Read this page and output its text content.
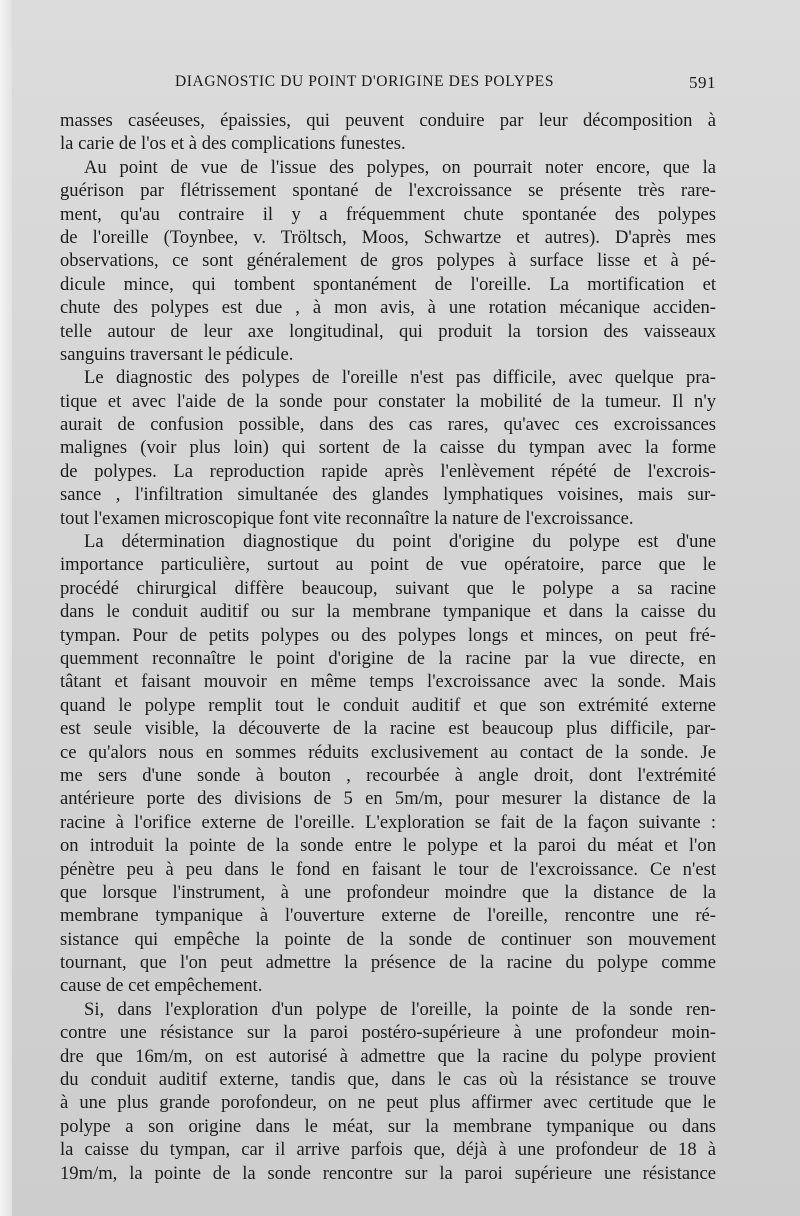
DIAGNOSTIC DU POINT D'ORIGINE DES POLYPES	591
masses caséeuses, épaissies, qui peuvent conduire par leur décomposition à
la carie de l'os et à des complications funestes.
Au point de vue de l'issue des polypes, on pourrait noter encore, que la
guérison par flétrissement spontané de l'excroissance se présente très rare-
ment, qu'au contraire il y a fréquemment chute spontanée des polypes
de l'oreille (Toynbee, v. Tröltsch, Moos, Schwartze et autres). D'après mes
observations, ce sont généralement de gros polypes à surface lisse et à pé-
dicule mince, qui tombent spontanément de l'oreille. La mortification et
chute des polypes est due , à mon avis, à une rotation mécanique acciden-
telle autour de leur axe longitudinal, qui produit la torsion des vaisseaux
sanguins traversant le pédicule.
Le diagnostic des polypes de l'oreille n'est pas difficile, avec quelque pra-
tique et avec l'aide de la sonde pour constater la mobilité de la tumeur. Il n'y
aurait de confusion possible, dans des cas rares, qu'avec ces excroissances
malignes (voir plus loin) qui sortent de la caisse du tympan avec la forme
de polypes. La reproduction rapide après l'enlèvement répété de l'excrois-
sance , l'infiltration simultanée des glandes lymphatiques voisines, mais sur-
tout l'examen microscopique font vite reconnaître la nature de l'excroissance.
La détermination diagnostique du point d'origine du polype est d'une
importance particulière, surtout au point de vue opératoire, parce que le
procédé chirurgical diffère beaucoup, suivant que le polype a sa racine
dans le conduit auditif ou sur la membrane tympanique et dans la caisse du
tympan. Pour de petits polypes ou des polypes longs et minces, on peut fré-
quemment reconnaître le point d'origine de la racine par la vue directe, en
tâtant et faisant mouvoir en même temps l'excroissance avec la sonde. Mais
quand le polype remplit tout le conduit auditif et que son extrémité externe
est seule visible, la découverte de la racine est beaucoup plus difficile, par-
ce qu'alors nous en sommes réduits exclusivement au contact de la sonde. Je
me sers d'une sonde à bouton , recourbée à angle droit, dont l'extrémité
antérieure porte des divisions de 5 en 5m/m, pour mesurer la distance de la
racine à l'orifice externe de l'oreille. L'exploration se fait de la façon suivante :
on introduit la pointe de la sonde entre le polype et la paroi du méat et l'on
pénètre peu à peu dans le fond en faisant le tour de l'excroissance. Ce n'est
que lorsque l'instrument, à une profondeur moindre que la distance de la
membrane tympanique à l'ouverture externe de l'oreille, rencontre une ré-
sistance qui empêche la pointe de la sonde de continuer son mouvement
tournant, que l'on peut admettre la présence de la racine du polype comme
cause de cet empêchement.
Si, dans l'exploration d'un polype de l'oreille, la pointe de la sonde ren-
contre une résistance sur la paroi postéro-supérieure à une profondeur moin-
dre que 16m/m, on est autorisé à admettre que la racine du polype provient
du conduit auditif externe, tandis que, dans le cas où la résistance se trouve
à une plus grande porofondeur, on ne peut plus affirmer avec certitude que le
polype a son origine dans le méat, sur la membrane tympanique ou dans
la caisse du tympan, car il arrive parfois que, déjà à une profondeur de 18 à
19m/m, la pointe de la sonde rencontre sur la paroi supérieure une résistance
